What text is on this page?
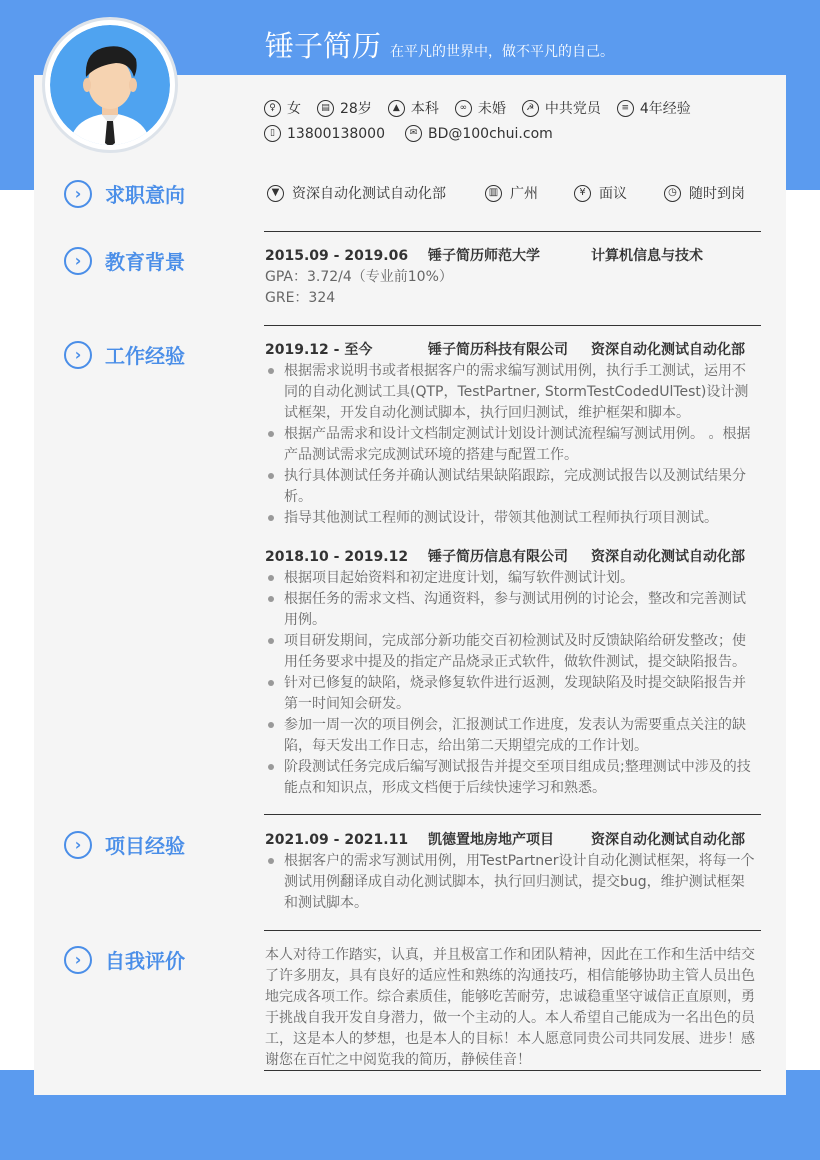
锤子简历 在平凡的世界中，做不平凡的自己。
♀ 女	▤ 28岁	▲ 本科	∞ 未婚	☭ 中共党员	≡ 4年经验
▯ 13800138000	✉ BD@100chui.com
›	求职意向	▼ 资深自动化测试自动化部	▥ 广州	¥ 面议	◷ 随时到岗
›	教育背景	2015.09 - 2019.06	锤子简历师范大学	计算机信息与技术
GPA：3.72/4（专业前10%）
GRE：324
›	工作经验	2019.12 - 至今	锤子简历科技有限公司	资深自动化测试自动化部
根据需求说明书或者根据客户的需求编写测试用例，执行手工测试，运用不同的自动化测试工具(QTP，TestPartner, StormTestCodedUlTest)设计测试框架，开发自动化测试脚本，执行回归测试，维护框架和脚本。
根据产品需求和设计文档制定测试计划设计测试流程编写测试用例。 。根据产品测试需求完成测试环境的搭建与配置工作。
执行具体测试任务并确认测试结果缺陷跟踪，完成测试报告以及测试结果分析。
指导其他测试工程师的测试设计，带领其他测试工程师执行项目测试。
2018.10 - 2019.12	锤子简历信息有限公司	资深自动化测试自动化部
根据项目起始资料和初定进度计划，编写软件测试计划。
根据任务的需求文档、沟通资料，参与测试用例的讨论会，整改和完善测试用例。
项目研发期间，完成部分新功能交百初检测试及时反馈缺陷给研发整改；使用任务要求中提及的指定产品烧录正式软件，做软件测试，提交缺陷报告。
针对已修复的缺陷，烧录修复软件进行返测，发现缺陷及时提交缺陷报告并第一时间知会研发。
参加一周一次的项目例会，汇报测试工作进度，发表认为需要重点关注的缺陷，每天发出工作日志，给出第二天期望完成的工作计划。
阶段测试任务完成后编写测试报告并提交至项目组成员;整理测试中涉及的技能点和知识点，形成文档便于后续快速学习和熟悉。
›	项目经验	2021.09 - 2021.11	凯德置地房地产项目	资深自动化测试自动化部
根据客户的需求写测试用例，用TestPartner设计自动化测试框架，将每一个测试用例翻译成自动化测试脚本，执行回归测试，提交bug，维护测试框架和测试脚本。
›	自我评价	本人对待工作踏实，认真，并且极富工作和团队精神，因此在工作和生活中结交了许多朋友，具有良好的适应性和熟练的沟通技巧，相信能够协助主管人员出色地完成各项工作。综合素质佳，能够吃苦耐劳，忠诚稳重坚守诚信正直原则，勇于挑战自我开发自身潜力，做一个主动的人。本人希望自己能成为一名出色的员工，这是本人的梦想，也是本人的目标！本人愿意同贵公司共同发展、进步！感谢您在百忙之中阅览我的简历，静候佳音！
